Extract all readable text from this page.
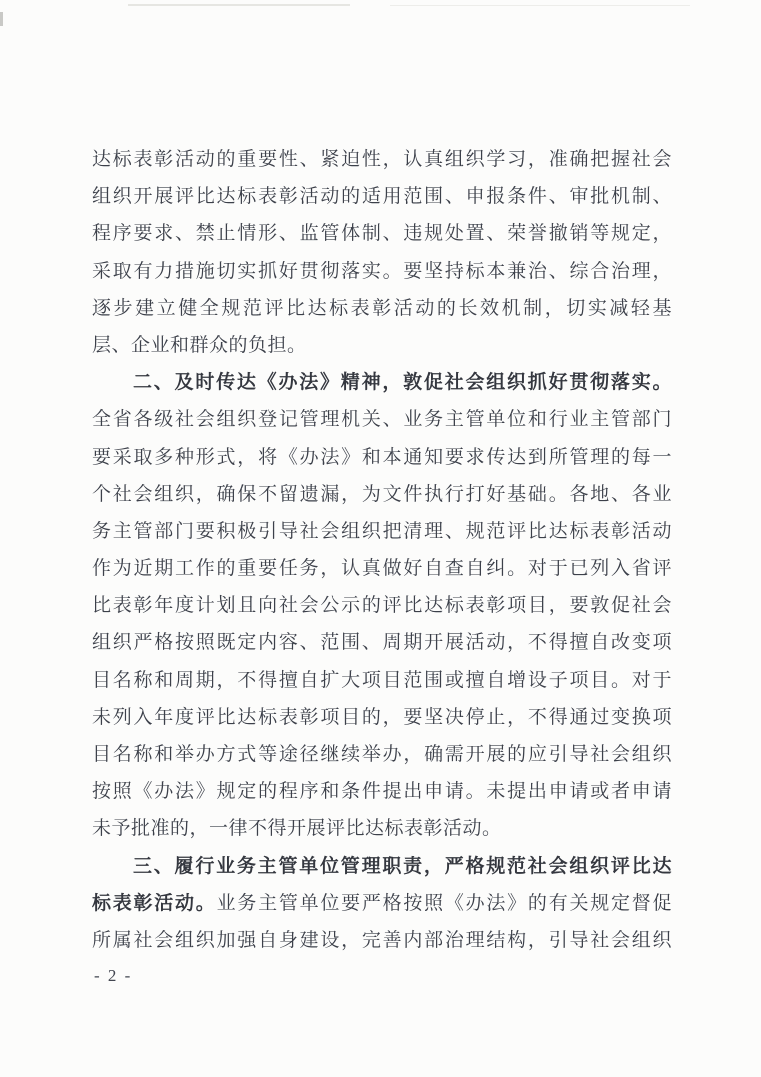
达标表彰活动的重要性、紧迫性，认真组织学习，准确把握社会

组织开展评比达标表彰活动的适用范围、申报条件、审批机制、

程序要求、禁止情形、监管体制、违规处置、荣誉撤销等规定，

采取有力措施切实抓好贯彻落实。要坚持标本兼治、综合治理，

逐步建立健全规范评比达标表彰活动的长效机制，切实减轻基

层、企业和群众的负担。

二、及时传达《办法》精神，敦促社会组织抓好贯彻落实。

全省各级社会组织登记管理机关、业务主管单位和行业主管部门

要采取多种形式，将《办法》和本通知要求传达到所管理的每一

个社会组织，确保不留遗漏，为文件执行打好基础。各地、各业

务主管部门要积极引导社会组织把清理、规范评比达标表彰活动

作为近期工作的重要任务，认真做好自查自纠。对于已列入省评

比表彰年度计划且向社会公示的评比达标表彰项目，要敦促社会

组织严格按照既定内容、范围、周期开展活动，不得擅自改变项

目名称和周期，不得擅自扩大项目范围或擅自增设子项目。对于

未列入年度评比达标表彰项目的，要坚决停止，不得通过变换项

目名称和举办方式等途径继续举办，确需开展的应引导社会组织

按照《办法》规定的程序和条件提出申请。未提出申请或者申请

未予批准的，一律不得开展评比达标表彰活动。

三、履行业务主管单位管理职责，严格规范社会组织评比达

标表彰活动。业务主管单位要严格按照《办法》的有关规定督促

所属社会组织加强自身建设，完善内部治理结构，引导社会组织

- 2 -
